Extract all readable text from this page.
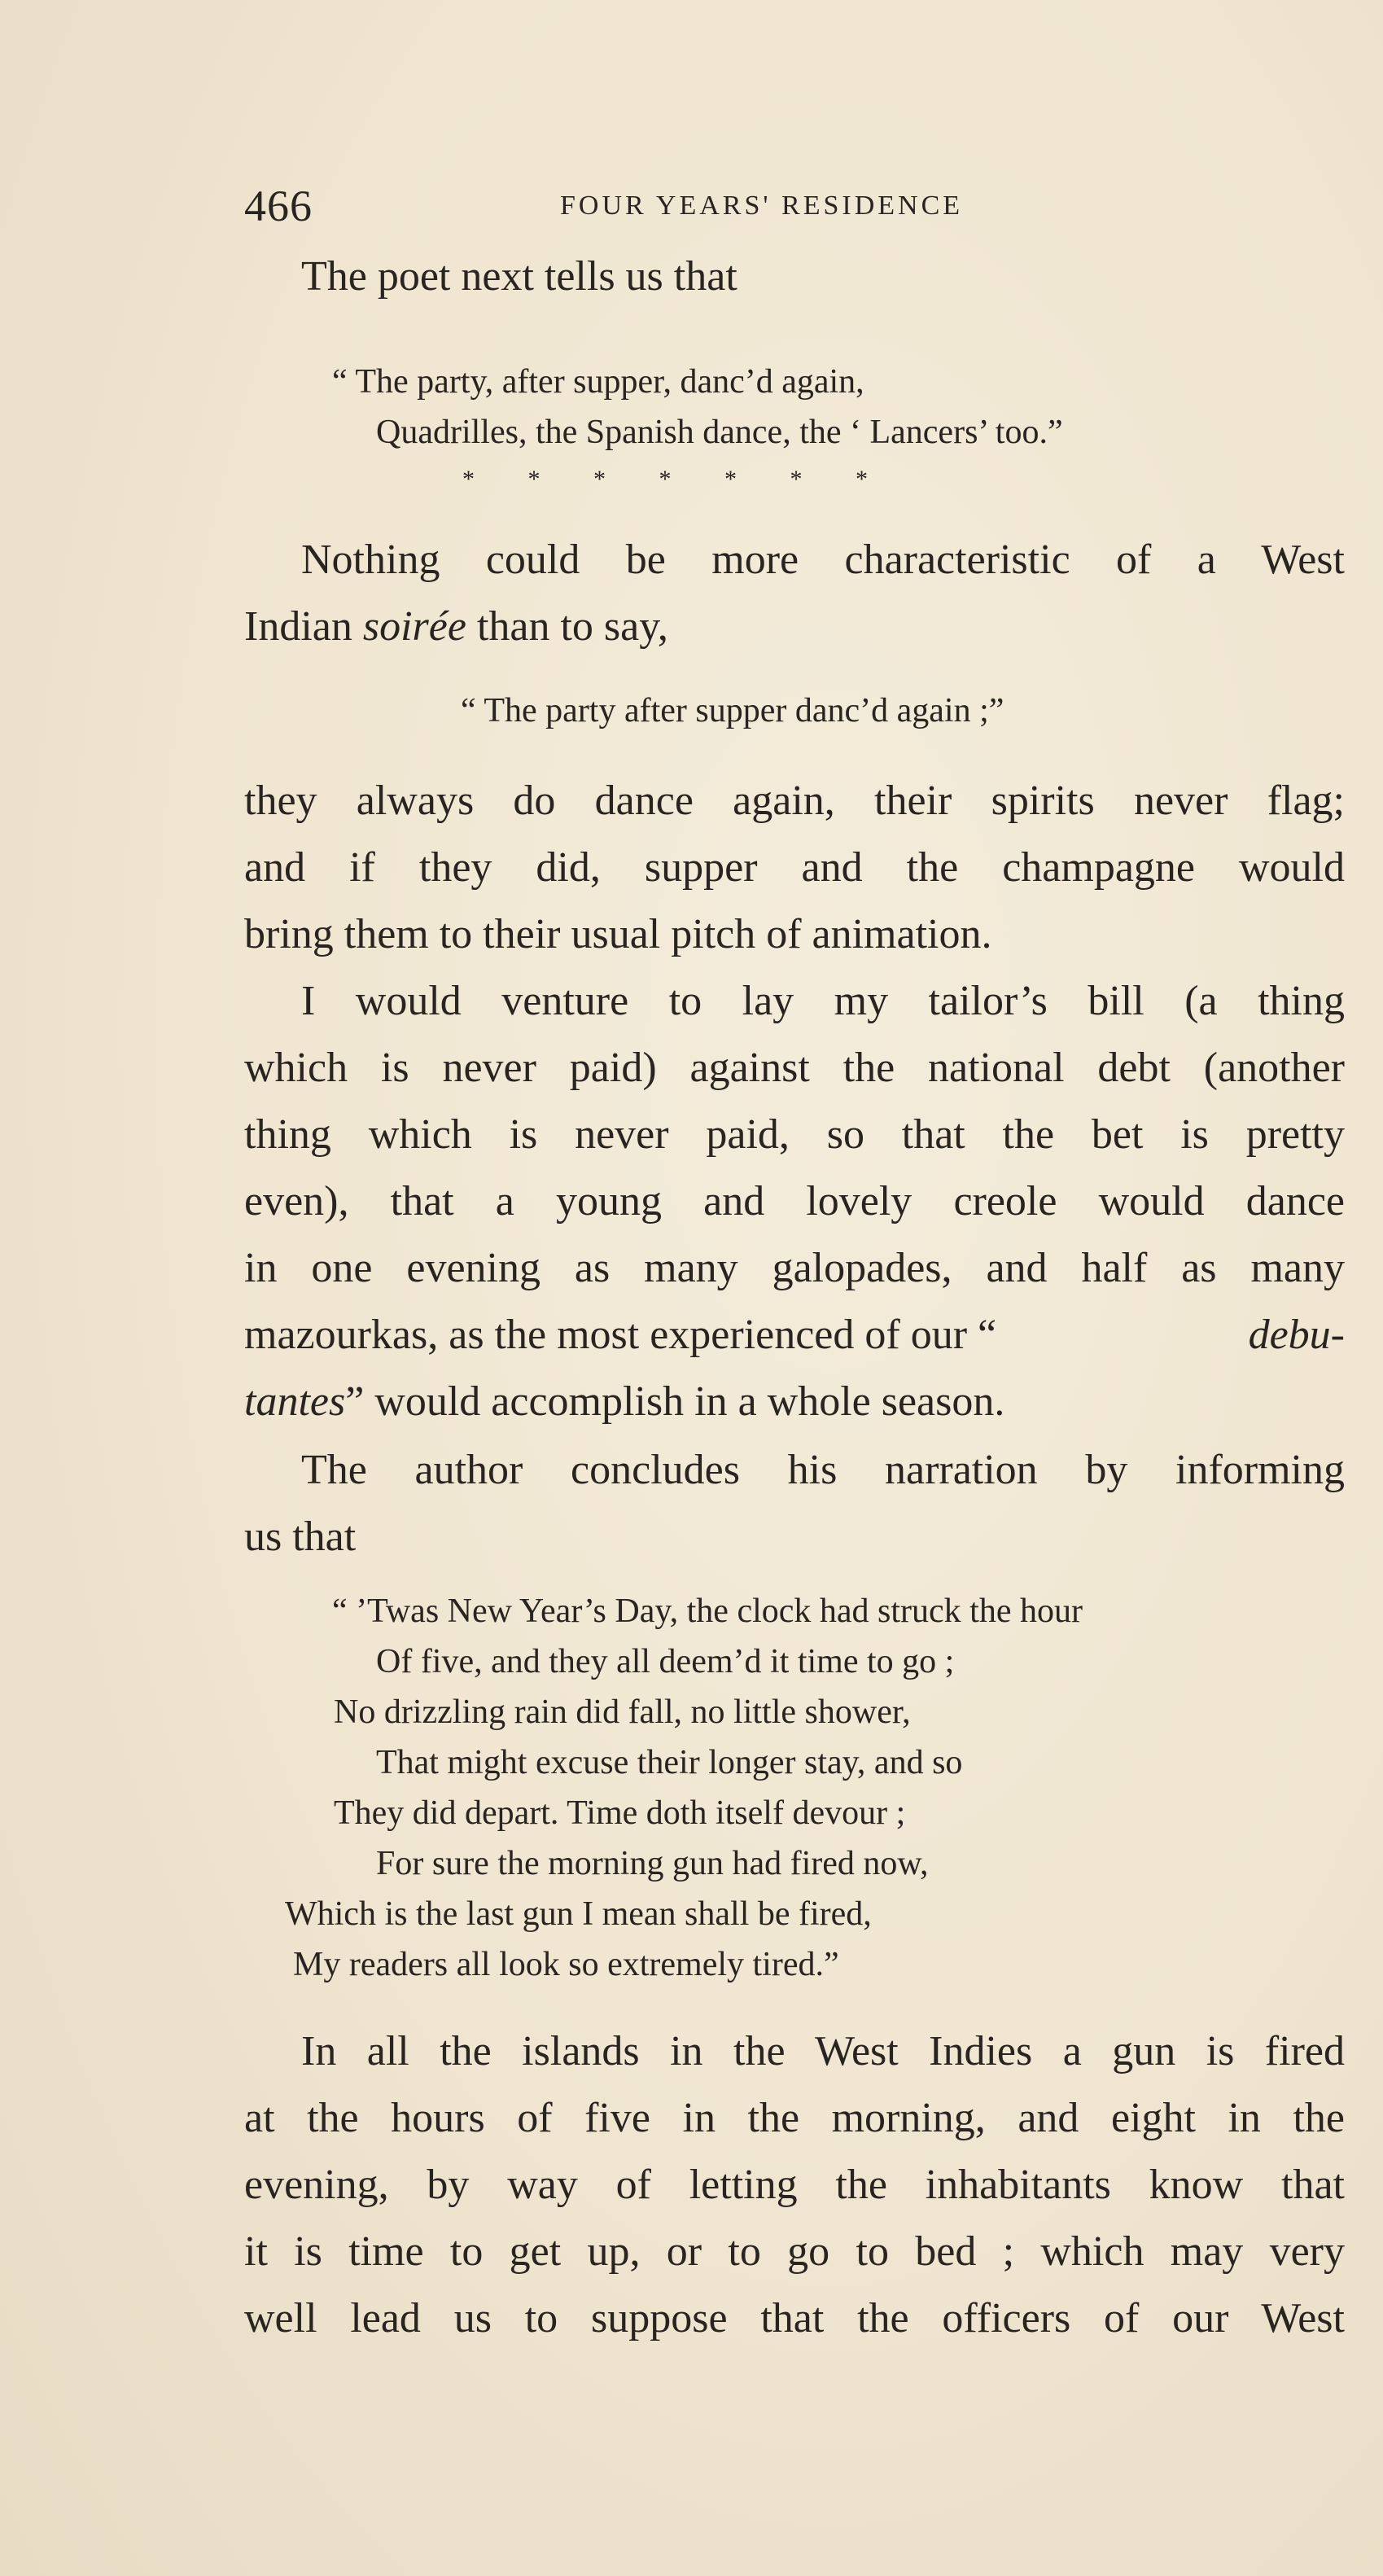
466	FOUR YEARS' RESIDENCE
The poet next tells us that
“ The party, after supper, danc’d again,
Quadrilles, the Spanish dance, the ‘ Lancers’ too.”
* * * * * * *
Nothing could be more characteristic of a West
Indian soirée than to say,
“ The party after supper danc’d again ;”
they always do dance again, their spirits never flag;
and if they did, supper and the champagne would
bring them to their usual pitch of animation.
I would venture to lay my tailor’s bill (a thing
which is never paid) against the national debt (another
thing which is never paid, so that the bet is pretty
even), that a young and lovely creole would dance
in one evening as many galopades, and half as many
mazourkas, as the most experienced of our “	debu-
tantes” would accomplish in a whole season.
The author concludes his narration by informing
us that
“ ’Twas New Year’s Day, the clock had struck the hour
Of five, and they all deem’d it time to go ;
No drizzling rain did fall, no little shower,
That might excuse their longer stay, and so
They did depart. Time doth itself devour ;
For sure the morning gun had fired now,
Which is the last gun I mean shall be fired,
My readers all look so extremely tired.”
In all the islands in the West Indies a gun is fired
at the hours of five in the morning, and eight in the
evening, by way of letting the inhabitants know that
it is time to get up, or to go to bed ; which may very
well lead us to suppose that the officers of our West
